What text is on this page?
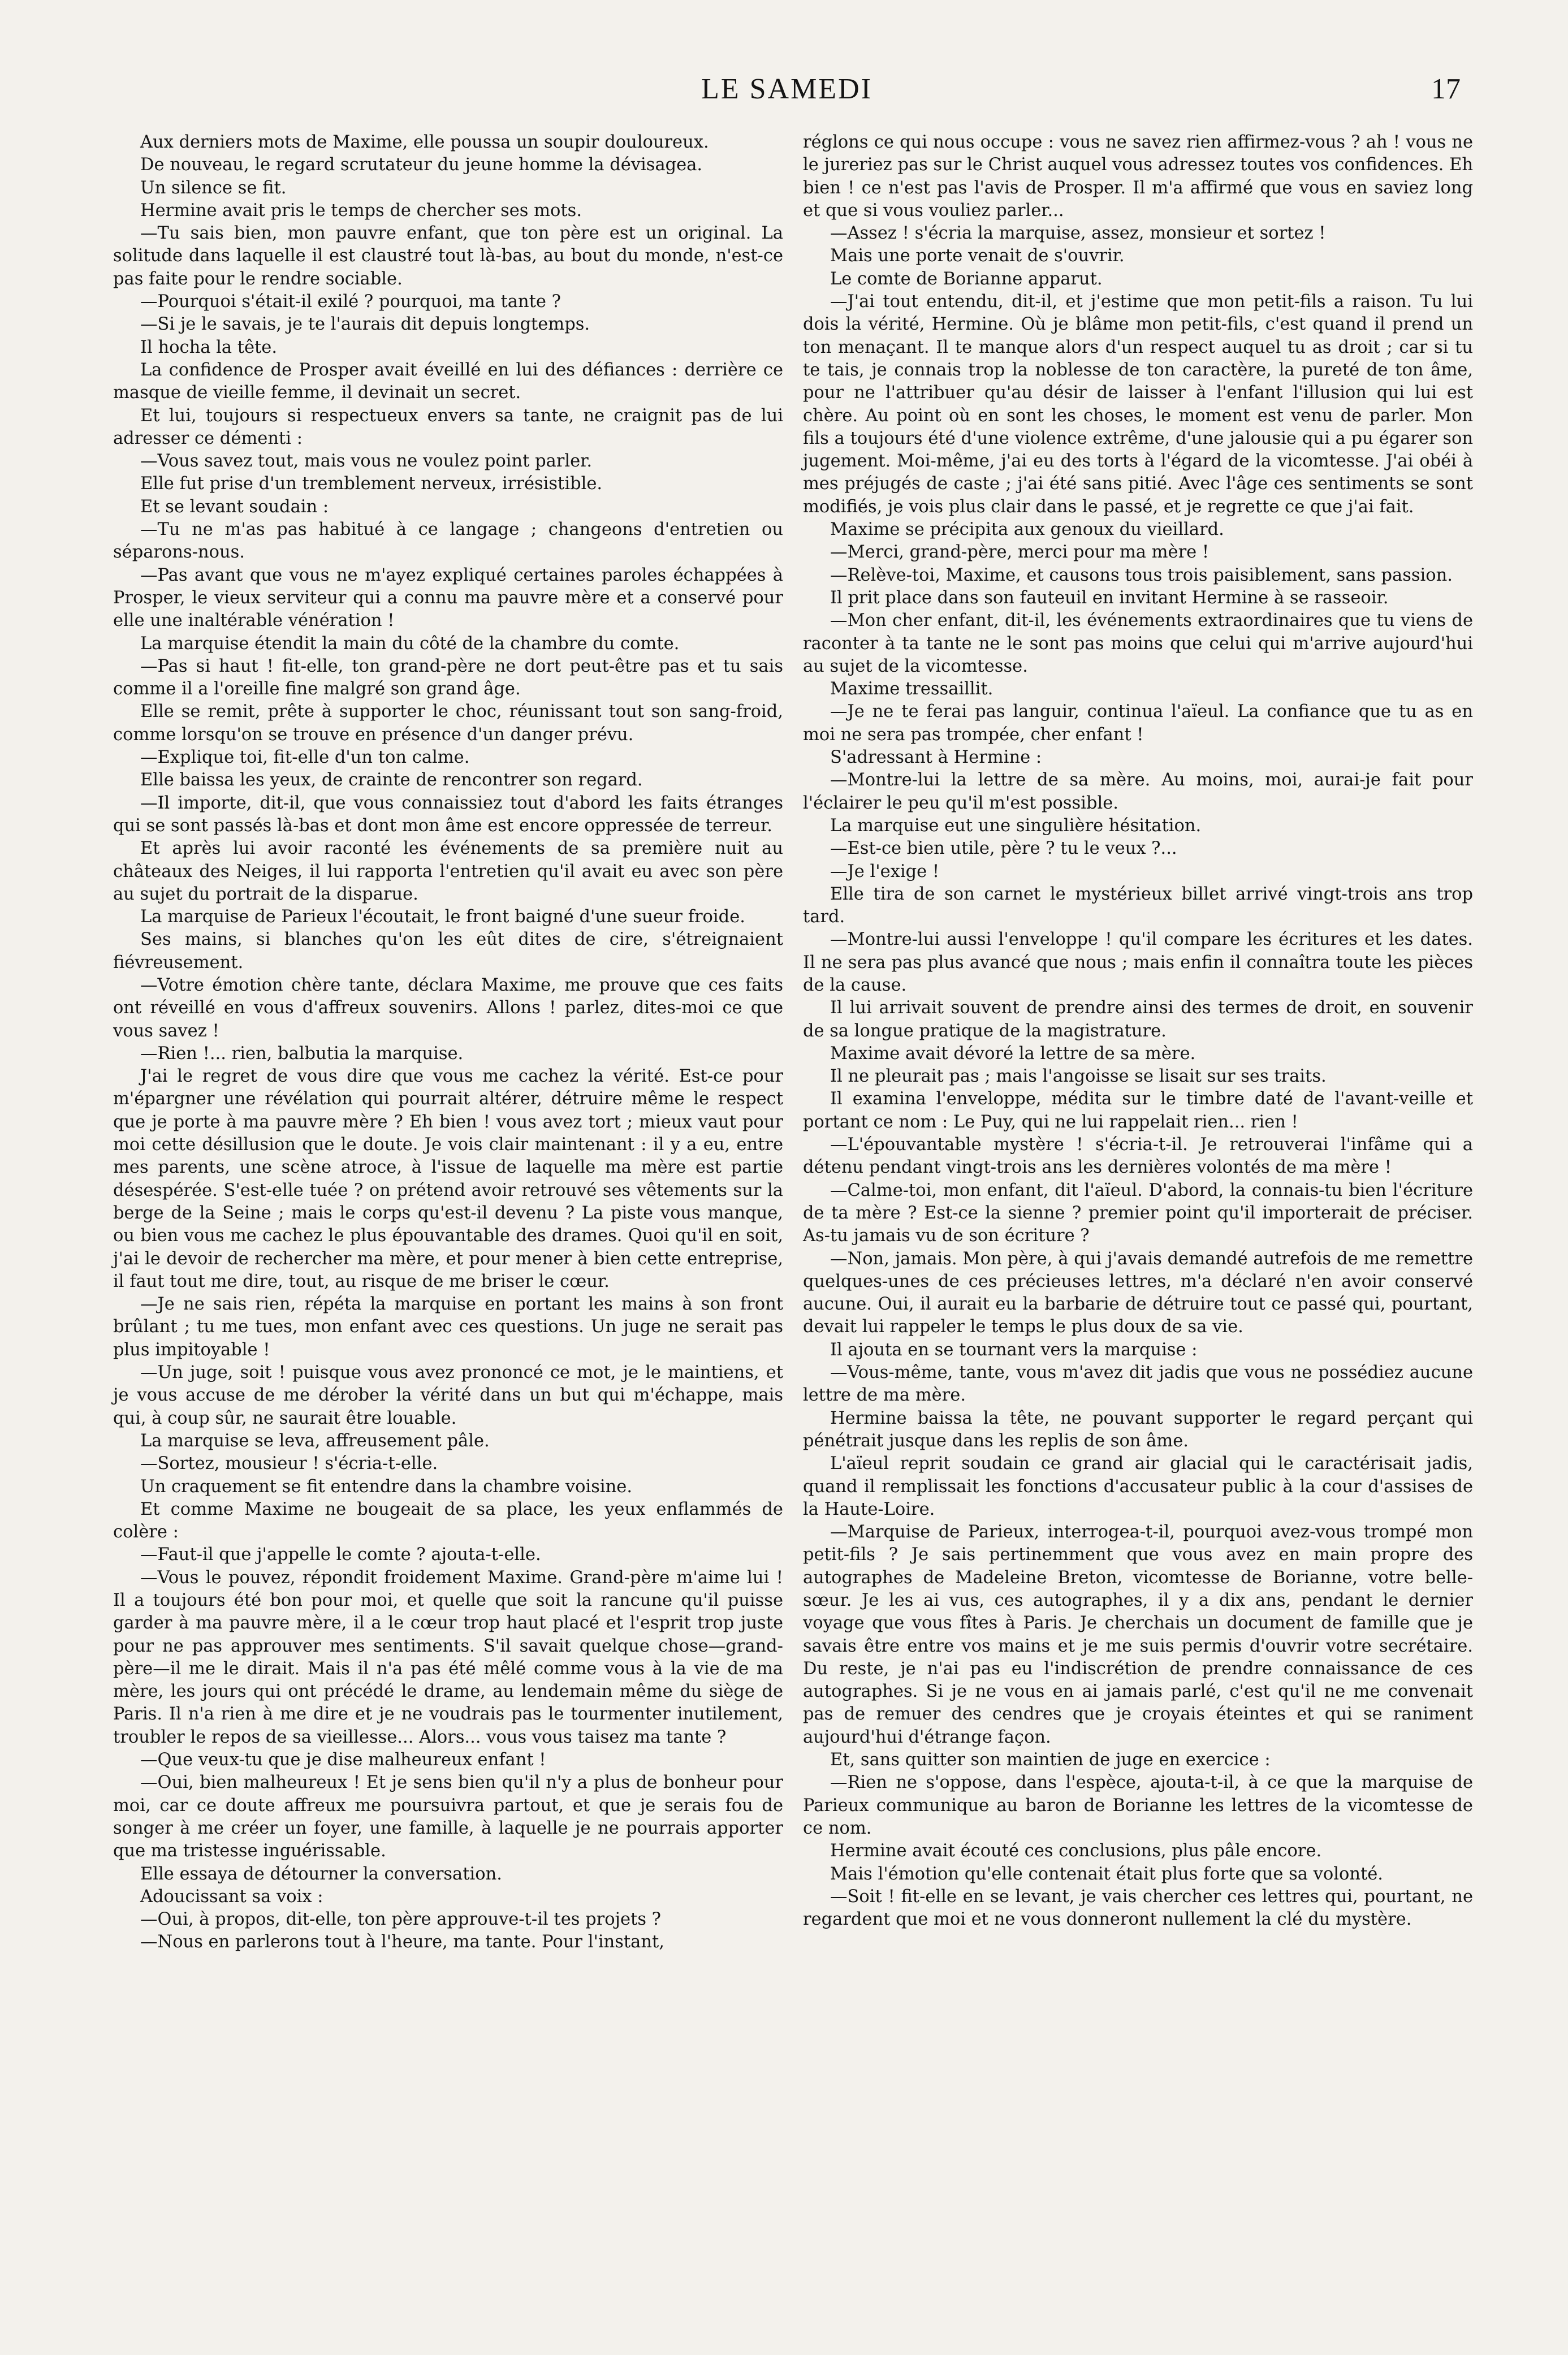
LE SAMEDI	17

Aux derniers mots de Maxime, elle poussa un soupir douloureux.

De nouveau, le regard scrutateur du jeune homme la dévisagea.

Un silence se fit.

Hermine avait pris le temps de chercher ses mots.

—Tu sais bien, mon pauvre enfant, que ton père est un original. La solitude dans laquelle il est claustré tout là-bas, au bout du monde, n'est-ce pas faite pour le rendre sociable.

—Pourquoi s'était-il exilé ? pourquoi, ma tante ?

—Si je le savais, je te l'aurais dit depuis longtemps.

Il hocha la tête.

La confidence de Prosper avait éveillé en lui des défiances : derrière ce masque de vieille femme, il devinait un secret.

Et lui, toujours si respectueux envers sa tante, ne craignit pas de lui adresser ce démenti :

—Vous savez tout, mais vous ne voulez point parler.

Elle fut prise d'un tremblement nerveux, irrésistible.

Et se levant soudain :

—Tu ne m'as pas habitué à ce langage ; changeons d'entretien ou séparons-nous.

—Pas avant que vous ne m'ayez expliqué certaines paroles échappées à Prosper, le vieux serviteur qui a connu ma pauvre mère et a conservé pour elle une inaltérable vénération !

La marquise étendit la main du côté de la chambre du comte.

—Pas si haut ! fit-elle, ton grand-père ne dort peut-être pas et tu sais comme il a l'oreille fine malgré son grand âge.

Elle se remit, prête à supporter le choc, réunissant tout son sang-froid, comme lorsqu'on se trouve en présence d'un danger prévu.

—Explique toi, fit-elle d'un ton calme.

Elle baissa les yeux, de crainte de rencontrer son regard.

—Il importe, dit-il, que vous connaissiez tout d'abord les faits étranges qui se sont passés là-bas et dont mon âme est encore oppressée de terreur.

Et après lui avoir raconté les événements de sa première nuit au châteaux des Neiges, il lui rapporta l'entretien qu'il avait eu avec son père au sujet du portrait de la disparue.

La marquise de Parieux l'écoutait, le front baigné d'une sueur froide.

Ses mains, si blanches qu'on les eût dites de cire, s'étreignaient fiévreusement.

—Votre émotion chère tante, déclara Maxime, me prouve que ces faits ont réveillé en vous d'affreux souvenirs. Allons ! parlez, dites-moi ce que vous savez !

—Rien !... rien, balbutia la marquise.

J'ai le regret de vous dire que vous me cachez la vérité. Est-ce pour m'épargner une révélation qui pourrait altérer, détruire même le respect que je porte à ma pauvre mère ? Eh bien ! vous avez tort ; mieux vaut pour moi cette désillusion que le doute. Je vois clair maintenant : il y a eu, entre mes parents, une scène atroce, à l'issue de laquelle ma mère est partie désespérée. S'est-elle tuée ? on prétend avoir retrouvé ses vêtements sur la berge de la Seine ; mais le corps qu'est-il devenu ? La piste vous manque, ou bien vous me cachez le plus épouvantable des drames. Quoi qu'il en soit, j'ai le devoir de rechercher ma mère, et pour mener à bien cette entreprise, il faut tout me dire, tout, au risque de me briser le cœur.

—Je ne sais rien, répéta la marquise en portant les mains à son front brûlant ; tu me tues, mon enfant avec ces questions. Un juge ne serait pas plus impitoyable !

—Un juge, soit ! puisque vous avez prononcé ce mot, je le maintiens, et je vous accuse de me dérober la vérité dans un but qui m'échappe, mais qui, à coup sûr, ne saurait être louable.

La marquise se leva, affreusement pâle.

—Sortez, mousieur ! s'écria-t-elle.

Un craquement se fit entendre dans la chambre voisine.

Et comme Maxime ne bougeait de sa place, les yeux enflammés de colère :

—Faut-il que j'appelle le comte ? ajouta-t-elle.

—Vous le pouvez, répondit froidement Maxime. Grand-père m'aime lui ! Il a toujours été bon pour moi, et quelle que soit la rancune qu'il puisse garder à ma pauvre mère, il a le cœur trop haut placé et l'esprit trop juste pour ne pas approuver mes sentiments. S'il savait quelque chose—grand-père—il me le dirait. Mais il n'a pas été mêlé comme vous à la vie de ma mère, les jours qui ont précédé le drame, au lendemain même du siège de Paris. Il n'a rien à me dire et je ne voudrais pas le tourmenter inutilement, troubler le repos de sa vieillesse... Alors... vous vous taisez ma tante ?

—Que veux-tu que je dise malheureux enfant !

—Oui, bien malheureux ! Et je sens bien qu'il n'y a plus de bonheur pour moi, car ce doute affreux me poursuivra partout, et que je serais fou de songer à me créer un foyer, une famille, à laquelle je ne pourrais apporter que ma tristesse inguérissable.

Elle essaya de détourner la conversation.

Adoucissant sa voix :

—Oui, à propos, dit-elle, ton père approuve-t-il tes projets ?

—Nous en parlerons tout à l'heure, ma tante. Pour l'instant,

réglons ce qui nous occupe : vous ne savez rien affirmez-vous ? ah ! vous ne le jureriez pas sur le Christ auquel vous adressez toutes vos confidences. Eh bien ! ce n'est pas l'avis de Prosper. Il m'a affirmé que vous en saviez long et que si vous vouliez parler...

—Assez ! s'écria la marquise, assez, monsieur et sortez !

Mais une porte venait de s'ouvrir.

Le comte de Borianne apparut.

—J'ai tout entendu, dit-il, et j'estime que mon petit-fils a raison. Tu lui dois la vérité, Hermine. Où je blâme mon petit-fils, c'est quand il prend un ton menaçant. Il te manque alors d'un respect auquel tu as droit ; car si tu te tais, je connais trop la noblesse de ton caractère, la pureté de ton âme, pour ne l'attribuer qu'au désir de laisser à l'enfant l'illusion qui lui est chère. Au point où en sont les choses, le moment est venu de parler. Mon fils a toujours été d'une violence extrême, d'une jalousie qui a pu égarer son jugement. Moi-même, j'ai eu des torts à l'égard de la vicomtesse. J'ai obéi à mes préjugés de caste ; j'ai été sans pitié. Avec l'âge ces sentiments se sont modifiés, je vois plus clair dans le passé, et je regrette ce que j'ai fait.

Maxime se précipita aux genoux du vieillard.

—Merci, grand-père, merci pour ma mère !

—Relève-toi, Maxime, et causons tous trois paisiblement, sans passion.

Il prit place dans son fauteuil en invitant Hermine à se rasseoir.

—Mon cher enfant, dit-il, les événements extraordinaires que tu viens de raconter à ta tante ne le sont pas moins que celui qui m'arrive aujourd'hui au sujet de la vicomtesse.

Maxime tressaillit.

—Je ne te ferai pas languir, continua l'aïeul. La confiance que tu as en moi ne sera pas trompée, cher enfant !

S'adressant à Hermine :

—Montre-lui la lettre de sa mère. Au moins, moi, aurai-je fait pour l'éclairer le peu qu'il m'est possible.

La marquise eut une singulière hésitation.

—Est-ce bien utile, père ? tu le veux ?...

—Je l'exige !

Elle tira de son carnet le mystérieux billet arrivé vingt-trois ans trop tard.

—Montre-lui aussi l'enveloppe ! qu'il compare les écritures et les dates. Il ne sera pas plus avancé que nous ; mais enfin il connaîtra toute les pièces de la cause.

Il lui arrivait souvent de prendre ainsi des termes de droit, en souvenir de sa longue pratique de la magistrature.

Maxime avait dévoré la lettre de sa mère.

Il ne pleurait pas ; mais l'angoisse se lisait sur ses traits.

Il examina l'enveloppe, médita sur le timbre daté de l'avant-veille et portant ce nom : Le Puy, qui ne lui rappelait rien... rien !

—L'épouvantable mystère ! s'écria-t-il. Je retrouverai l'infâme qui a détenu pendant vingt-trois ans les dernières volontés de ma mère !

—Calme-toi, mon enfant, dit l'aïeul. D'abord, la connais-tu bien l'écriture de ta mère ? Est-ce la sienne ? premier point qu'il importerait de préciser. As-tu jamais vu de son écriture ?

—Non, jamais. Mon père, à qui j'avais demandé autrefois de me remettre quelques-unes de ces précieuses lettres, m'a déclaré n'en avoir conservé aucune. Oui, il aurait eu la barbarie de détruire tout ce passé qui, pourtant, devait lui rappeler le temps le plus doux de sa vie.

Il ajouta en se tournant vers la marquise :

—Vous-même, tante, vous m'avez dit jadis que vous ne possédiez aucune lettre de ma mère.

Hermine baissa la tête, ne pouvant supporter le regard perçant qui pénétrait jusque dans les replis de son âme.

L'aïeul reprit soudain ce grand air glacial qui le caractérisait jadis, quand il remplissait les fonctions d'accusateur public à la cour d'assises de la Haute-Loire.

—Marquise de Parieux, interrogea-t-il, pourquoi avez-vous trompé mon petit-fils ? Je sais pertinemment que vous avez en main propre des autographes de Madeleine Breton, vicomtesse de Borianne, votre belle-sœur. Je les ai vus, ces autographes, il y a dix ans, pendant le dernier voyage que vous fîtes à Paris. Je cherchais un document de famille que je savais être entre vos mains et je me suis permis d'ouvrir votre secrétaire. Du reste, je n'ai pas eu l'indiscrétion de prendre connaissance de ces autographes. Si je ne vous en ai jamais parlé, c'est qu'il ne me convenait pas de remuer des cendres que je croyais éteintes et qui se raniment aujourd'hui d'étrange façon.

Et, sans quitter son maintien de juge en exercice :

—Rien ne s'oppose, dans l'espèce, ajouta-t-il, à ce que la marquise de Parieux communique au baron de Borianne les lettres de la vicomtesse de ce nom.

Hermine avait écouté ces conclusions, plus pâle encore.

Mais l'émotion qu'elle contenait était plus forte que sa volonté.

—Soit ! fit-elle en se levant, je vais chercher ces lettres qui, pourtant, ne regardent que moi et ne vous donneront nullement la clé du mystère.
